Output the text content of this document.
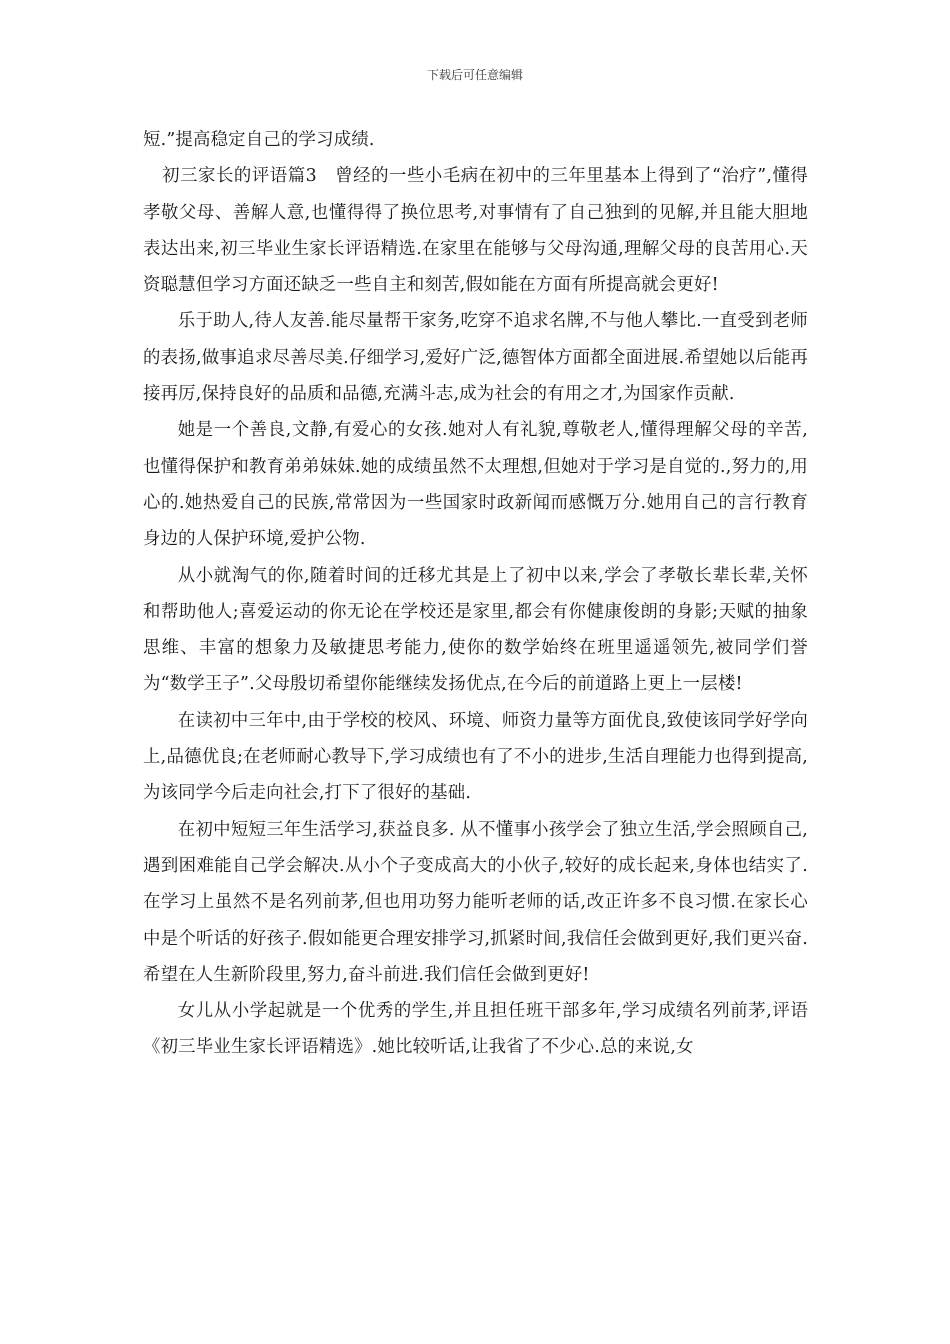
下载后可任意编辑

短.”提高稳定自己的学习成绩.

初三家长的评语篇3　曾经的一些小毛病在初中的三年里基本上得到了“治疗”,懂得孝敬父母、善解人意,也懂得得了换位思考,对事情有了自己独到的见解,并且能大胆地表达出来,初三毕业生家长评语精选.在家里在能够与父母沟通,理解父母的良苦用心.天资聪慧但学习方面还缺乏一些自主和刻苦,假如能在方面有所提高就会更好!

乐于助人,待人友善.能尽量帮干家务,吃穿不追求名牌,不与他人攀比.一直受到老师的表扬,做事追求尽善尽美.仔细学习,爱好广泛,德智体方面都全面进展.希望她以后能再接再厉,保持良好的品质和品德,充满斗志,成为社会的有用之才,为国家作贡献.

她是一个善良,文静,有爱心的女孩.她对人有礼貌,尊敬老人,懂得理解父母的辛苦,也懂得保护和教育弟弟妹妹.她的成绩虽然不太理想,但她对于学习是自觉的.,努力的,用心的.她热爱自己的民族,常常因为一些国家时政新闻而感慨万分.她用自己的言行教育身边的人保护环境,爱护公物.

从小就淘气的你,随着时间的迁移尤其是上了初中以来,学会了孝敬长辈长辈,关怀和帮助他人;喜爱运动的你无论在学校还是家里,都会有你健康俊朗的身影;天赋的抽象思维、丰富的想象力及敏捷思考能力,使你的数学始终在班里遥遥领先,被同学们誉为“数学王子”.父母殷切希望你能继续发扬优点,在今后的前道路上更上一层楼!

在读初中三年中,由于学校的校风、环境、师资力量等方面优良,致使该同学好学向上,品德优良;在老师耐心教导下,学习成绩也有了不小的进步,生活自理能力也得到提高,为该同学今后走向社会,打下了很好的基础.

在初中短短三年生活学习,获益良多. 从不懂事小孩学会了独立生活,学会照顾自己,遇到困难能自己学会解决.从小个子变成高大的小伙子,较好的成长起来,身体也结实了.在学习上虽然不是名列前茅,但也用功努力能听老师的话,改正许多不良习惯.在家长心中是个听话的好孩子.假如能更合理安排学习,抓紧时间,我信任会做到更好,我们更兴奋.希望在人生新阶段里,努力,奋斗前进.我们信任会做到更好!

女儿从小学起就是一个优秀的学生,并且担任班干部多年,学习成绩名列前茅,评语《初三毕业生家长评语精选》.她比较听话,让我省了不少心.总的来说,女
